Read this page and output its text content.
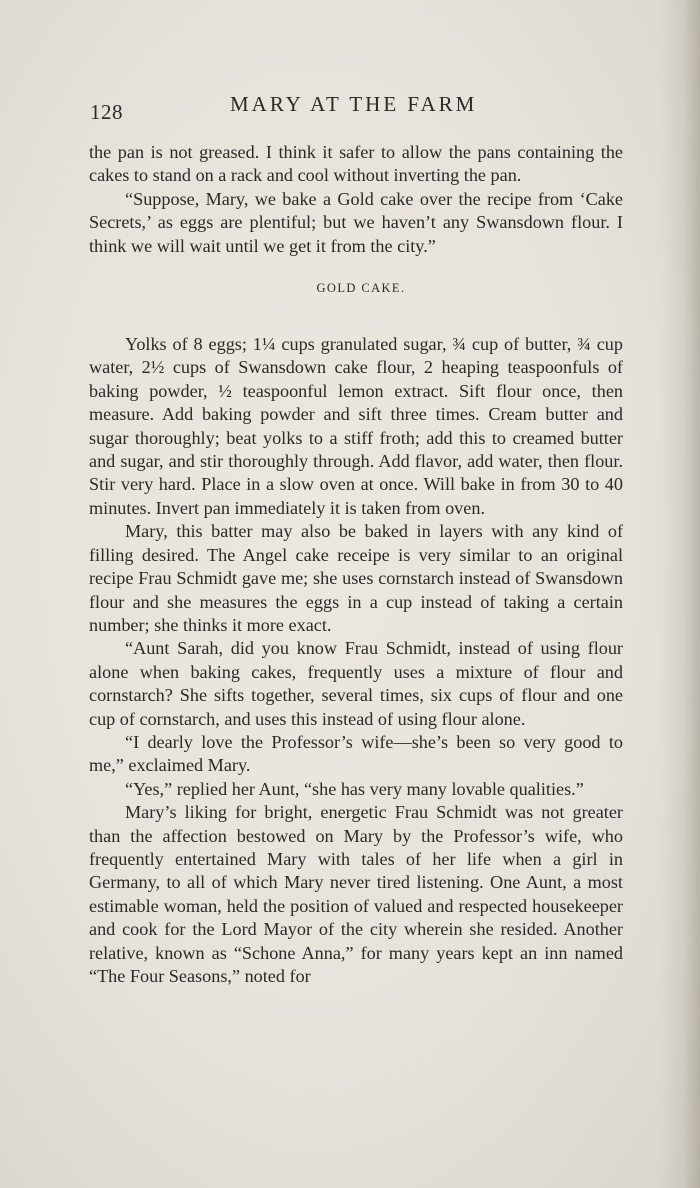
128	MARY AT THE FARM

the pan is not greased. I think it safer to allow the pans containing the cakes to stand on a rack and cool without inverting the pan.

“Suppose, Mary, we bake a Gold cake over the recipe from ‘Cake Secrets,’ as eggs are plentiful; but we haven’t any Swansdown flour. I think we will wait until we get it from the city.”

GOLD CAKE.

Yolks of 8 eggs; 1¼ cups granulated sugar, ¾ cup of butter, ¾ cup water, 2½ cups of Swansdown cake flour, 2 heaping teaspoonfuls of baking powder, ½ teaspoonful lemon extract. Sift flour once, then measure. Add baking powder and sift three times. Cream butter and sugar thoroughly; beat yolks to a stiff froth; add this to creamed butter and sugar, and stir thoroughly through. Add flavor, add water, then flour. Stir very hard. Place in a slow oven at once. Will bake in from 30 to 40 minutes. Invert pan immediately it is taken from oven.

Mary, this batter may also be baked in layers with any kind of filling desired. The Angel cake receipe is very similar to an original recipe Frau Schmidt gave me; she uses cornstarch instead of Swansdown flour and she measures the eggs in a cup instead of taking a certain number; she thinks it more exact.

“Aunt Sarah, did you know Frau Schmidt, instead of using flour alone when baking cakes, frequently uses a mixture of flour and cornstarch? She sifts together, several times, six cups of flour and one cup of cornstarch, and uses this instead of using flour alone.

“I dearly love the Professor’s wife—she’s been so very good to me,” exclaimed Mary.

“Yes,” replied her Aunt, “she has very many lovable qualities.”

Mary’s liking for bright, energetic Frau Schmidt was not greater than the affection bestowed on Mary by the Professor’s wife, who frequently entertained Mary with tales of her life when a girl in Germany, to all of which Mary never tired listening. One Aunt, a most estimable woman, held the position of valued and respected housekeeper and cook for the Lord Mayor of the city wherein she resided. Another relative, known as “Schone Anna,” for many years kept an inn named “The Four Seasons,” noted for
